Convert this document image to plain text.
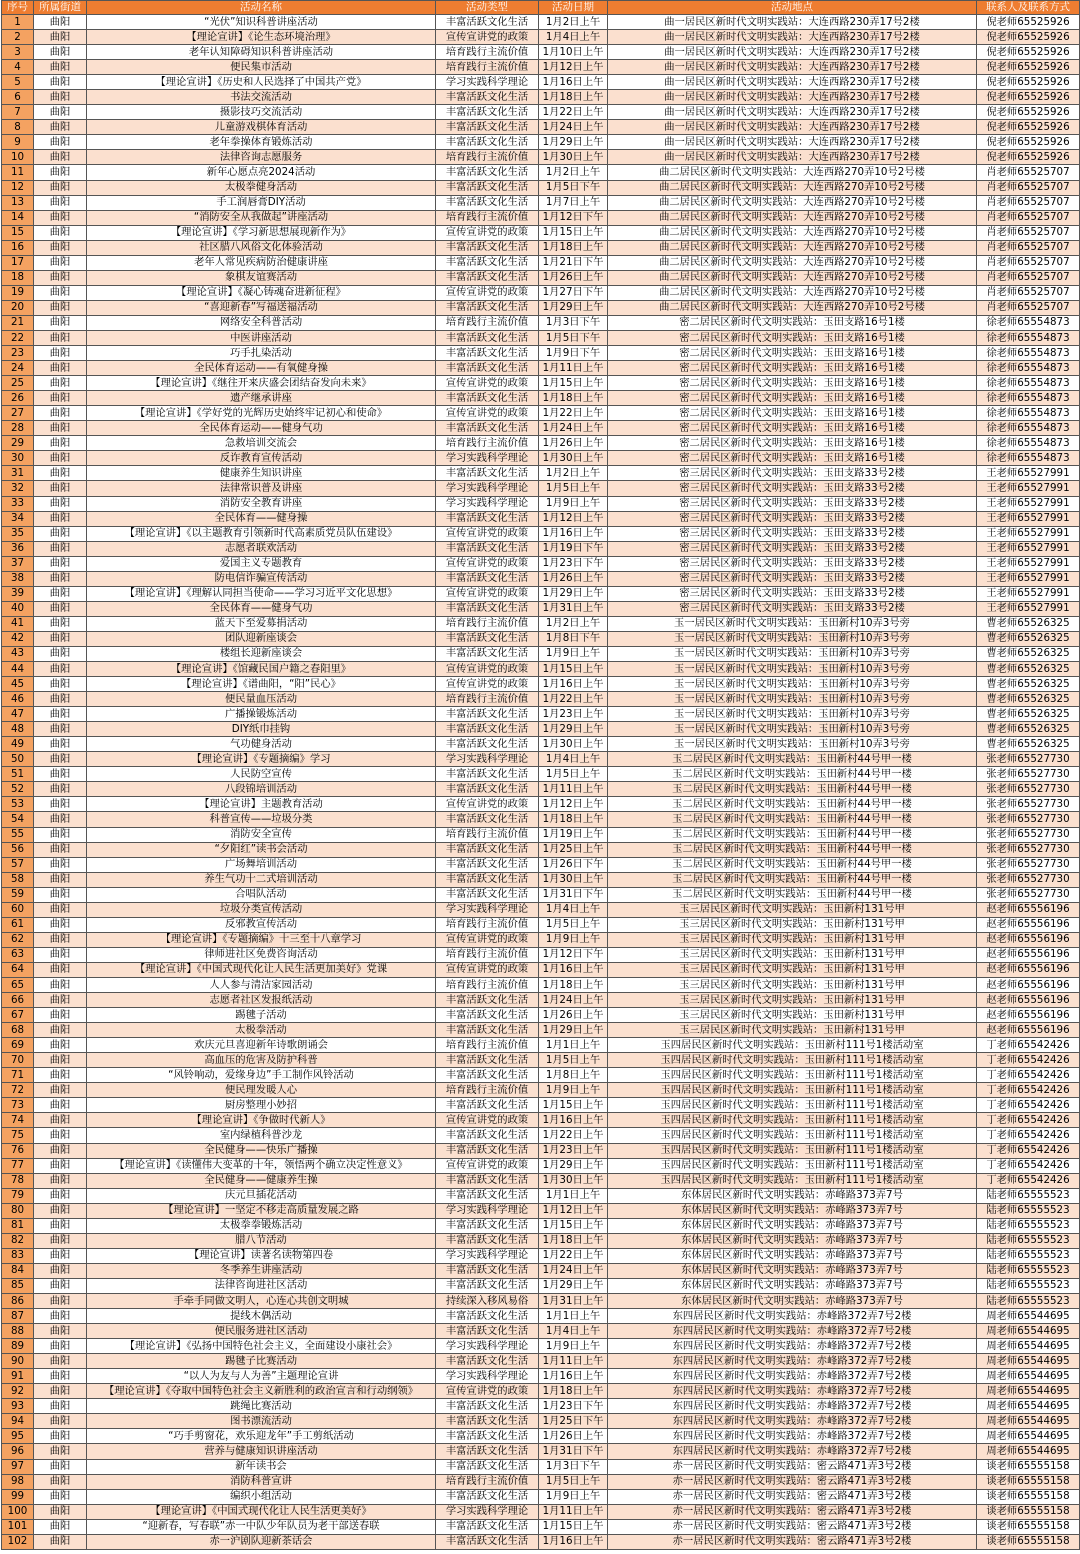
序号	所属街道	活动名称	活动类型	活动日期	活动地点	联系人及联系方式
1	曲阳	“光伏”知识科普讲座活动	丰富活跃文化生活	1月2日上午	曲一居民区新时代文明实践站：大连西路230弄17号2楼	倪老师65525926
2	曲阳	【理论宣讲】《论生态环境治理》	宣传宣讲党的政策	1月4日上午	曲一居民区新时代文明实践站：大连西路230弄17号2楼	倪老师65525926
3	曲阳	老年认知障碍知识科普讲座活动	培育践行主流价值	1月10日上午	曲一居民区新时代文明实践站：大连西路230弄17号2楼	倪老师65525926
4	曲阳	便民集市活动	培育践行主流价值	1月12日上午	曲一居民区新时代文明实践站：大连西路230弄17号2楼	倪老师65525926
5	曲阳	【理论宣讲】《历史和人民选择了中国共产党》	学习实践科学理论	1月16日上午	曲一居民区新时代文明实践站：大连西路230弄17号2楼	倪老师65525926
6	曲阳	书法交流活动	丰富活跃文化生活	1月18日上午	曲一居民区新时代文明实践站：大连西路230弄17号2楼	倪老师65525926
7	曲阳	摄影技巧交流活动	丰富活跃文化生活	1月22日上午	曲一居民区新时代文明实践站：大连西路230弄17号2楼	倪老师65525926
8	曲阳	儿童游戏棋体育活动	丰富活跃文化生活	1月24日上午	曲一居民区新时代文明实践站：大连西路230弄17号2楼	倪老师65525926
9	曲阳	老年拳操体育锻炼活动	丰富活跃文化生活	1月29日上午	曲一居民区新时代文明实践站：大连西路230弄17号2楼	倪老师65525926
10	曲阳	法律咨询志愿服务	培育践行主流价值	1月30日上午	曲一居民区新时代文明实践站：大连西路230弄17号2楼	倪老师65525926
11	曲阳	新年心愿点亮2024活动	丰富活跃文化生活	1月2日上午	曲二居民区新时代文明实践站：大连西路270弄10号2号楼	肖老师65525707
12	曲阳	太极拳健身活动	丰富活跃文化生活	1月5日下午	曲二居民区新时代文明实践站：大连西路270弄10号2号楼	肖老师65525707
13	曲阳	手工润唇膏DIY活动	丰富活跃文化生活	1月7日上午	曲二居民区新时代文明实践站：大连西路270弄10号2号楼	肖老师65525707
14	曲阳	“消防安全从我做起”讲座活动	培育践行主流价值	1月12日下午	曲二居民区新时代文明实践站：大连西路270弄10号2号楼	肖老师65525707
15	曲阳	【理论宣讲】《学习新思想展现新作为》	宣传宣讲党的政策	1月15日上午	曲二居民区新时代文明实践站：大连西路270弄10号2号楼	肖老师65525707
16	曲阳	社区腊八风俗文化体验活动	丰富活跃文化生活	1月18日上午	曲二居民区新时代文明实践站：大连西路270弄10号2号楼	肖老师65525707
17	曲阳	老年人常见疾病防治健康讲座	丰富活跃文化生活	1月21日下午	曲二居民区新时代文明实践站：大连西路270弄10号2号楼	肖老师65525707
18	曲阳	象棋友谊赛活动	丰富活跃文化生活	1月26日上午	曲二居民区新时代文明实践站：大连西路270弄10号2号楼	肖老师65525707
19	曲阳	【理论宣讲】《凝心铸魂奋进新征程》	宣传宣讲党的政策	1月27日下午	曲二居民区新时代文明实践站：大连西路270弄10号2号楼	肖老师65525707
20	曲阳	“喜迎新春”写福送福活动	丰富活跃文化生活	1月29日上午	曲二居民区新时代文明实践站：大连西路270弄10号2号楼	肖老师65525707
21	曲阳	网络安全科普活动	培育践行主流价值	1月3日下午	密二居民区新时代文明实践站：玉田支路16号1楼	徐老师65554873
22	曲阳	中医讲座活动	丰富活跃文化生活	1月5日下午	密二居民区新时代文明实践站：玉田支路16号1楼	徐老师65554873
23	曲阳	巧手扎染活动	丰富活跃文化生活	1月9日下午	密二居民区新时代文明实践站：玉田支路16号1楼	徐老师65554873
24	曲阳	全民体育运动——有氧健身操	丰富活跃文化生活	1月11日上午	密二居民区新时代文明实践站：玉田支路16号1楼	徐老师65554873
25	曲阳	【理论宣讲】《继往开来庆盛会团结奋发向未来》	宣传宣讲党的政策	1月15日上午	密二居民区新时代文明实践站：玉田支路16号1楼	徐老师65554873
26	曲阳	遗产继承讲座	丰富活跃文化生活	1月18日上午	密二居民区新时代文明实践站：玉田支路16号1楼	徐老师65554873
27	曲阳	【理论宣讲】《学好党的光辉历史始终牢记初心和使命》	宣传宣讲党的政策	1月22日上午	密二居民区新时代文明实践站：玉田支路16号1楼	徐老师65554873
28	曲阳	全民体育运动——健身气功	丰富活跃文化生活	1月24日上午	密二居民区新时代文明实践站：玉田支路16号1楼	徐老师65554873
29	曲阳	急救培训交流会	培育践行主流价值	1月26日上午	密二居民区新时代文明实践站：玉田支路16号1楼	徐老师65554873
30	曲阳	反诈教育宣传活动	学习实践科学理论	1月30日上午	密二居民区新时代文明实践站：玉田支路16号1楼	徐老师65554873
31	曲阳	健康养生知识讲座	丰富活跃文化生活	1月2日上午	密三居民区新时代文明实践站：玉田支路33号2楼	王老师65527991
32	曲阳	法律常识普及讲座	学习实践科学理论	1月5日上午	密三居民区新时代文明实践站：玉田支路33号2楼	王老师65527991
33	曲阳	消防安全教育讲座	学习实践科学理论	1月9日上午	密三居民区新时代文明实践站：玉田支路33号2楼	王老师65527991
34	曲阳	全民体育——健身操	丰富活跃文化生活	1月12日上午	密三居民区新时代文明实践站：玉田支路33号2楼	王老师65527991
35	曲阳	【理论宣讲】《以主题教育引领新时代高素质党员队伍建设》	宣传宣讲党的政策	1月16日上午	密三居民区新时代文明实践站：玉田支路33号2楼	王老师65527991
36	曲阳	志愿者联欢活动	丰富活跃文化生活	1月19日下午	密三居民区新时代文明实践站：玉田支路33号2楼	王老师65527991
37	曲阳	爱国主义专题教育	宣传宣讲党的政策	1月23日下午	密三居民区新时代文明实践站：玉田支路33号2楼	王老师65527991
38	曲阳	防电信诈骗宣传活动	丰富活跃文化生活	1月26日上午	密三居民区新时代文明实践站：玉田支路33号2楼	王老师65527991
39	曲阳	【理论宣讲】《理解认同担当使命——学习习近平文化思想》	宣传宣讲党的政策	1月29日上午	密三居民区新时代文明实践站：玉田支路33号2楼	王老师65527991
40	曲阳	全民体育——健身气功	丰富活跃文化生活	1月31日上午	密三居民区新时代文明实践站：玉田支路33号2楼	王老师65527991
41	曲阳	蓝天下至爱募捐活动	培育践行主流价值	1月2日上午	玉一居民区新时代文明实践站：玉田新村10弄3号旁	曹老师65526325
42	曲阳	团队迎新座谈会	丰富活跃文化生活	1月8日下午	玉一居民区新时代文明实践站：玉田新村10弄3号旁	曹老师65526325
43	曲阳	楼组长迎新座谈会	丰富活跃文化生活	1月9日上午	玉一居民区新时代文明实践站：玉田新村10弄3号旁	曹老师65526325
44	曲阳	【理论宣讲】《馆藏民国户籍之春阳里》	宣传宣讲党的政策	1月15日上午	玉一居民区新时代文明实践站：玉田新村10弄3号旁	曹老师65526325
45	曲阳	【理论宣讲】《谱曲阳，“阳”民心》	宣传宣讲党的政策	1月16日上午	玉一居民区新时代文明实践站：玉田新村10弄3号旁	曹老师65526325
46	曲阳	便民量血压活动	培育践行主流价值	1月22日上午	玉一居民区新时代文明实践站：玉田新村10弄3号旁	曹老师65526325
47	曲阳	广播操锻炼活动	丰富活跃文化生活	1月23日上午	玉一居民区新时代文明实践站：玉田新村10弄3号旁	曹老师65526325
48	曲阳	DIY纸巾挂钩	丰富活跃文化生活	1月29日上午	玉一居民区新时代文明实践站：玉田新村10弄3号旁	曹老师65526325
49	曲阳	气功健身活动	丰富活跃文化生活	1月30日上午	玉一居民区新时代文明实践站：玉田新村10弄3号旁	曹老师65526325
50	曲阳	【理论宣讲】《专题摘编》学习	学习实践科学理论	1月4日上午	玉二居民区新时代文明实践站：玉田新村44号甲一楼	张老师65527730
51	曲阳	人民防空宣传	丰富活跃文化生活	1月5日上午	玉二居民区新时代文明实践站：玉田新村44号甲一楼	张老师65527730
52	曲阳	八段锦培训活动	丰富活跃文化生活	1月11日上午	玉二居民区新时代文明实践站：玉田新村44号甲一楼	张老师65527730
53	曲阳	【理论宣讲】主题教育活动	宣传宣讲党的政策	1月12日上午	玉二居民区新时代文明实践站：玉田新村44号甲一楼	张老师65527730
54	曲阳	科普宣传——垃圾分类	丰富活跃文化生活	1月18日上午	玉二居民区新时代文明实践站：玉田新村44号甲一楼	张老师65527730
55	曲阳	消防安全宣传	培育践行主流价值	1月19日上午	玉二居民区新时代文明实践站：玉田新村44号甲一楼	张老师65527730
56	曲阳	“夕阳红”读书会活动	丰富活跃文化生活	1月25日上午	玉二居民区新时代文明实践站：玉田新村44号甲一楼	张老师65527730
57	曲阳	广场舞培训活动	丰富活跃文化生活	1月26日下午	玉二居民区新时代文明实践站：玉田新村44号甲一楼	张老师65527730
58	曲阳	养生气功十二式培训活动	丰富活跃文化生活	1月30日上午	玉二居民区新时代文明实践站：玉田新村44号甲一楼	张老师65527730
59	曲阳	合唱队活动	丰富活跃文化生活	1月31日下午	玉二居民区新时代文明实践站：玉田新村44号甲一楼	张老师65527730
60	曲阳	垃圾分类宣传活动	学习实践科学理论	1月4日上午	玉三居民区新时代文明实践站：玉田新村131号甲	赵老师65556196
61	曲阳	反邪教宣传活动	培育践行主流价值	1月5日上午	玉三居民区新时代文明实践站：玉田新村131号甲	赵老师65556196
62	曲阳	【理论宣讲】《专题摘编》十三至十八章学习	宣传宣讲党的政策	1月9日上午	玉三居民区新时代文明实践站：玉田新村131号甲	赵老师65556196
63	曲阳	律师进社区免费咨询活动	培育践行主流价值	1月12日下午	玉三居民区新时代文明实践站：玉田新村131号甲	赵老师65556196
64	曲阳	【理论宣讲】《中国式现代化让人民生活更加美好》党课	宣传宣讲党的政策	1月16日上午	玉三居民区新时代文明实践站：玉田新村131号甲	赵老师65556196
65	曲阳	人人参与清洁家园活动	培育践行主流价值	1月18日上午	玉三居民区新时代文明实践站：玉田新村131号甲	赵老师65556196
66	曲阳	志愿者社区发报纸活动	丰富活跃文化生活	1月24日上午	玉三居民区新时代文明实践站：玉田新村131号甲	赵老师65556196
67	曲阳	踢毽子活动	丰富活跃文化生活	1月26日上午	玉三居民区新时代文明实践站：玉田新村131号甲	赵老师65556196
68	曲阳	太极拳活动	丰富活跃文化生活	1月29日上午	玉三居民区新时代文明实践站：玉田新村131号甲	赵老师65556196
69	曲阳	欢庆元旦喜迎新年诗歌朗诵会	培育践行主流价值	1月1日上午	玉四居民区新时代文明实践站：玉田新村111号1楼活动室	丁老师65542426
70	曲阳	高血压的危害及防护科普	丰富活跃文化生活	1月5日上午	玉四居民区新时代文明实践站：玉田新村111号1楼活动室	丁老师65542426
71	曲阳	“风铃响动，爱缘身边”手工制作风铃活动	丰富活跃文化生活	1月8日上午	玉四居民区新时代文明实践站：玉田新村111号1楼活动室	丁老师65542426
72	曲阳	便民理发暖人心	培育践行主流价值	1月9日上午	玉四居民区新时代文明实践站：玉田新村111号1楼活动室	丁老师65542426
73	曲阳	厨房整理小妙招	丰富活跃文化生活	1月15日上午	玉四居民区新时代文明实践站：玉田新村111号1楼活动室	丁老师65542426
74	曲阳	【理论宣讲】《争做时代新人》	宣传宣讲党的政策	1月16日上午	玉四居民区新时代文明实践站：玉田新村111号1楼活动室	丁老师65542426
75	曲阳	室内绿植科普沙龙	丰富活跃文化生活	1月22日上午	玉四居民区新时代文明实践站：玉田新村111号1楼活动室	丁老师65542426
76	曲阳	全民健身——快乐广播操	丰富活跃文化生活	1月23日上午	玉四居民区新时代文明实践站：玉田新村111号1楼活动室	丁老师65542426
77	曲阳	【理论宣讲】《读懂伟大变革的十年，领悟两个确立决定性意义》	宣传宣讲党的政策	1月29日上午	玉四居民区新时代文明实践站：玉田新村111号1楼活动室	丁老师65542426
78	曲阳	全民健身——健康养生操	丰富活跃文化生活	1月30日上午	玉四居民区新时代文明实践站：玉田新村111号1楼活动室	丁老师65542426
79	曲阳	庆元旦插花活动	丰富活跃文化生活	1月1日上午	东体居民区新时代文明实践站：赤峰路373弄7号	陆老师65555523
80	曲阳	【理论宣讲】一坚定不移走高质量发展之路	学习实践科学理论	1月12日上午	东体居民区新时代文明实践站：赤峰路373弄7号	陆老师65555523
81	曲阳	太极拳拳锻炼活动	丰富活跃文化生活	1月15日上午	东体居民区新时代文明实践站：赤峰路373弄7号	陆老师65555523
82	曲阳	腊八节活动	丰富活跃文化生活	1月18日上午	东体居民区新时代文明实践站：赤峰路373弄7号	陆老师65555523
83	曲阳	【理论宣讲】读著名读物第四卷	学习实践科学理论	1月22日上午	东体居民区新时代文明实践站：赤峰路373弄7号	陆老师65555523
84	曲阳	冬季养生讲座活动	丰富活跃文化生活	1月24日上午	东体居民区新时代文明实践站：赤峰路373弄7号	陆老师65555523
85	曲阳	法律咨询进社区活动	丰富活跃文化生活	1月29日上午	东体居民区新时代文明实践站：赤峰路373弄7号	陆老师65555523
86	曲阳	手牵手同做文明人，心连心共创文明城	持续深入移风易俗	1月31日上午	东体居民区新时代文明实践站：赤峰路373弄7号	陆老师65555523
87	曲阳	提线木偶活动	丰富活跃文化生活	1月1日上午	东四居民区新时代文明实践站：赤峰路372弄7号2楼	周老师65544695
88	曲阳	便民服务进社区活动	丰富活跃文化生活	1月4日上午	东四居民区新时代文明实践站：赤峰路372弄7号2楼	周老师65544695
89	曲阳	【理论宣讲】《弘扬中国特色社会主义，全面建设小康社会》	学习实践科学理论	1月9日上午	东四居民区新时代文明实践站：赤峰路372弄7号2楼	周老师65544695
90	曲阳	踢毽子比赛活动	丰富活跃文化生活	1月11日上午	东四居民区新时代文明实践站：赤峰路372弄7号2楼	周老师65544695
91	曲阳	“以人为友与人为善”主题理论宣讲	学习实践科学理论	1月16日上午	东四居民区新时代文明实践站：赤峰路372弄7号2楼	周老师65544695
92	曲阳	【理论宣讲】《夺取中国特色社会主义新胜利的政治宣言和行动纲领》	宣传宣讲党的政策	1月18日上午	东四居民区新时代文明实践站：赤峰路372弄7号2楼	周老师65544695
93	曲阳	跳绳比赛活动	丰富活跃文化生活	1月23日下午	东四居民区新时代文明实践站：赤峰路372弄7号2楼	周老师65544695
94	曲阳	图书漂流活动	丰富活跃文化生活	1月25日下午	东四居民区新时代文明实践站：赤峰路372弄7号2楼	周老师65544695
95	曲阳	“巧手剪窗花，欢乐迎龙年”手工剪纸活动	丰富活跃文化生活	1月26日上午	东四居民区新时代文明实践站：赤峰路372弄7号2楼	周老师65544695
96	曲阳	营养与健康知识讲座活动	丰富活跃文化生活	1月31日下午	东四居民区新时代文明实践站：赤峰路372弄7号2楼	周老师65544695
97	曲阳	新年读书会	丰富活跃文化生活	1月3日下午	赤一居民区新时代文明实践站：密云路471弄3号2楼	谈老师65555158
98	曲阳	消防科普宣讲	培育践行主流价值	1月5日上午	赤一居民区新时代文明实践站：密云路471弄3号2楼	谈老师65555158
99	曲阳	编织小组活动	丰富活跃文化生活	1月9日上午	赤一居民区新时代文明实践站：密云路471弄3号2楼	谈老师65555158
100	曲阳	【理论宣讲】《中国式现代化让人民生活更美好》	学习实践科学理论	1月11日上午	赤一居民区新时代文明实践站：密云路471弄3号2楼	谈老师65555158
101	曲阳	“迎新春，写春联”赤一中队少年队员为老干部送春联	丰富活跃文化生活	1月15日上午	赤一居民区新时代文明实践站：密云路471弄3号2楼	谈老师65555158
102	曲阳	赤一沪剧队迎新茶话会	丰富活跃文化生活	1月16日上午	赤一居民区新时代文明实践站：密云路471弄3号2楼	谈老师65555158
